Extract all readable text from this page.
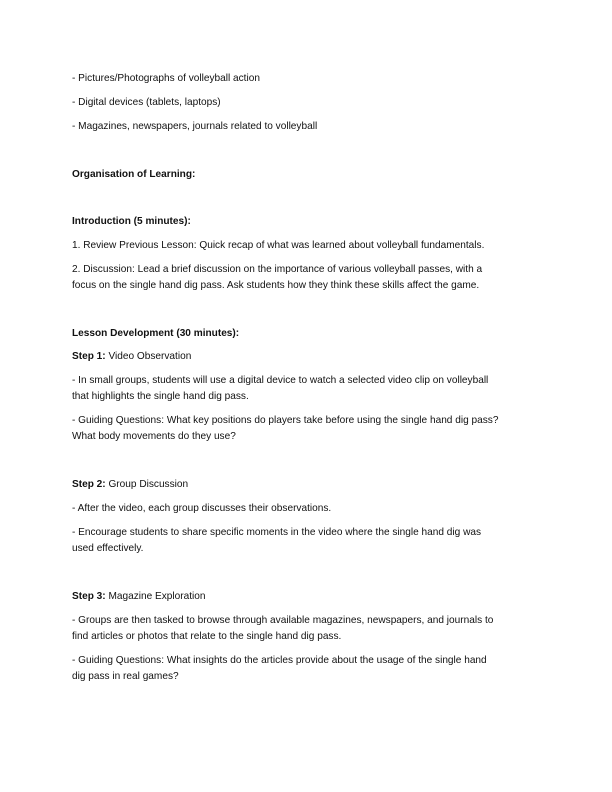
- Pictures/Photographs of volleyball action
- Digital devices (tablets, laptops)
- Magazines, newspapers, journals related to volleyball
Organisation of Learning:
Introduction (5 minutes):
1. Review Previous Lesson: Quick recap of what was learned about volleyball fundamentals.
2. Discussion: Lead a brief discussion on the importance of various volleyball passes, with a
focus on the single hand dig pass. Ask students how they think these skills affect the game.
Lesson Development (30 minutes):
Step 1: Video Observation
- In small groups, students will use a digital device to watch a selected video clip on volleyball
that highlights the single hand dig pass.
- Guiding Questions: What key positions do players take before using the single hand dig pass?
What body movements do they use?
Step 2: Group Discussion
- After the video, each group discusses their observations.
- Encourage students to share specific moments in the video where the single hand dig was
used effectively.
Step 3: Magazine Exploration
- Groups are then tasked to browse through available magazines, newspapers, and journals to
find articles or photos that relate to the single hand dig pass.
- Guiding Questions: What insights do the articles provide about the usage of the single hand
dig pass in real games?
